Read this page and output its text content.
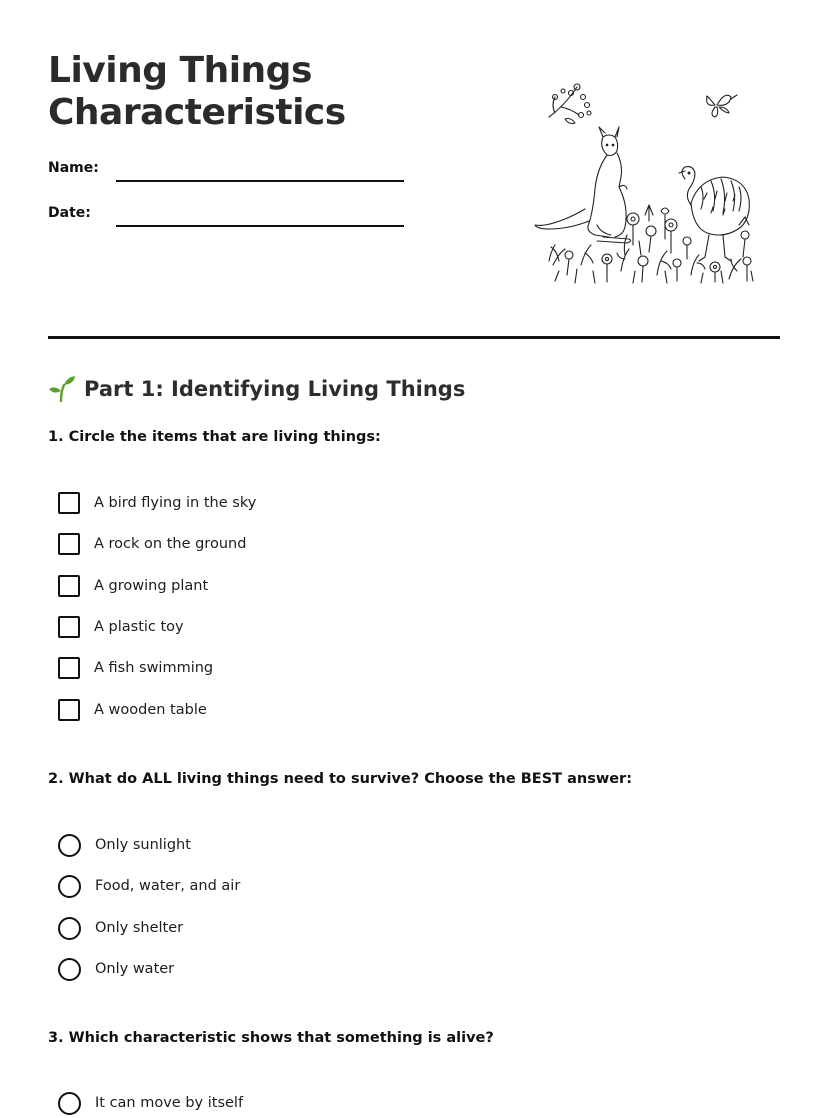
Living Things
Characteristics
Name:
Date:
Part 1: Identifying Living Things
1. Circle the items that are living things:
A bird flying in the sky
A rock on the ground
A growing plant
A plastic toy
A fish swimming
A wooden table
2. What do ALL living things need to survive? Choose the BEST answer:
Only sunlight
Food, water, and air
Only shelter
Only water
3. Which characteristic shows that something is alive?
It can move by itself
